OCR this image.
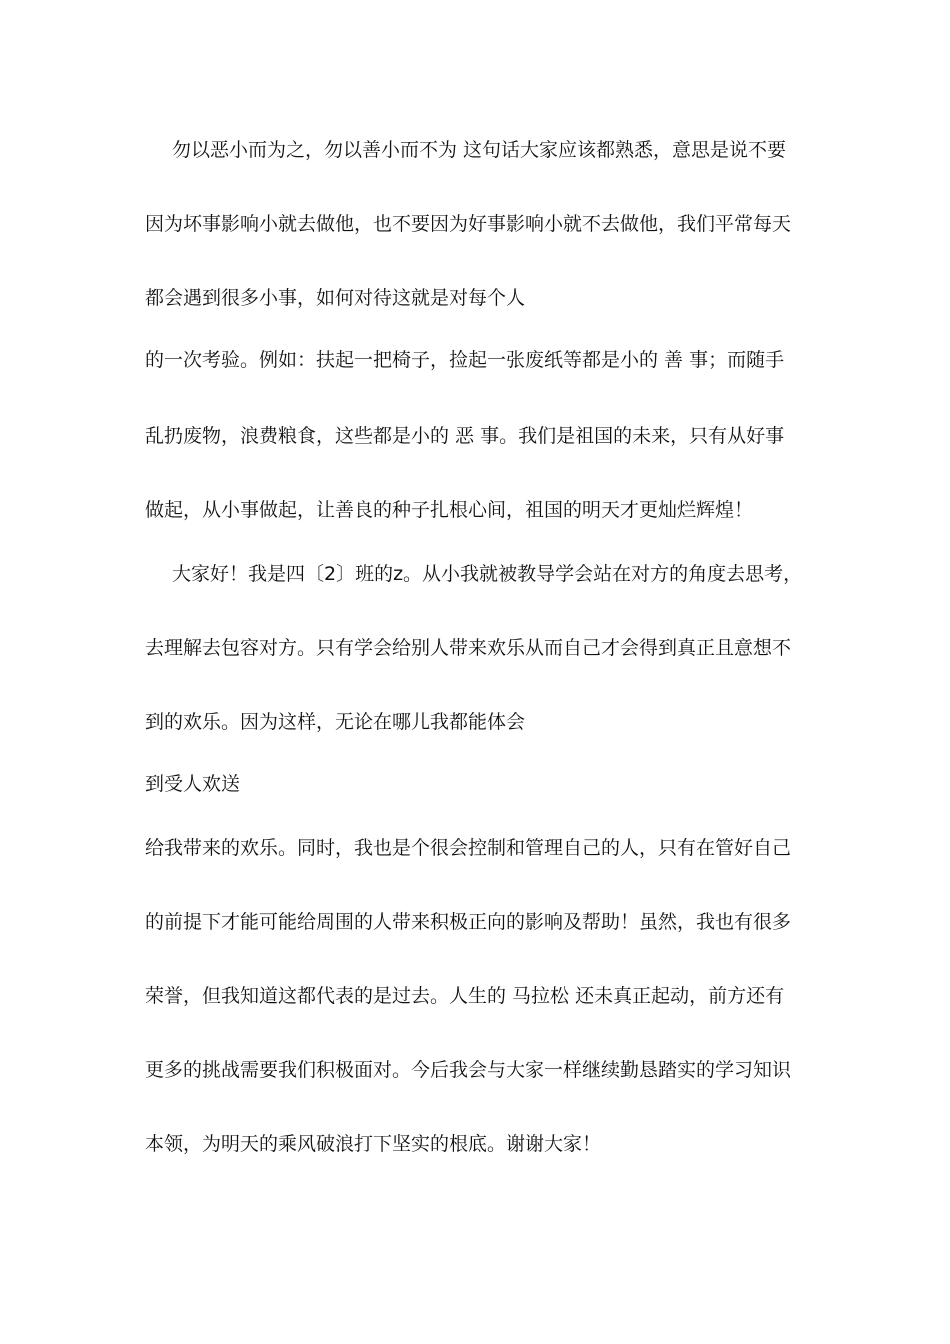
勿以恶小而为之，勿以善小而不为 这句话大家应该都熟悉，意思是说不要
因为坏事影响小就去做他，也不要因为好事影响小就不去做他，我们平常每天
都会遇到很多小事，如何对待这就是对每个人
的一次考验。例如：扶起一把椅子，捡起一张废纸等都是小的 善 事；而随手
乱扔废物，浪费粮食，这些都是小的 恶 事。我们是祖国的未来，只有从好事
做起，从小事做起，让善良的种子扎根心间，祖国的明天才更灿烂辉煌！
大家好！我是四〔2〕班的z。从小我就被教导学会站在对方的角度去思考，
去理解去包容对方。只有学会给别人带来欢乐从而自己才会得到真正且意想不
到的欢乐。因为这样，无论在哪儿我都能体会
到受人欢送
给我带来的欢乐。同时，我也是个很会控制和管理自己的人，只有在管好自己
的前提下才能可能给周围的人带来积极正向的影响及帮助！虽然，我也有很多
荣誉，但我知道这都代表的是过去。人生的 马拉松 还未真正起动，前方还有
更多的挑战需要我们积极面对。今后我会与大家一样继续勤恳踏实的学习知识
本领，为明天的乘风破浪打下坚实的根底。谢谢大家！
